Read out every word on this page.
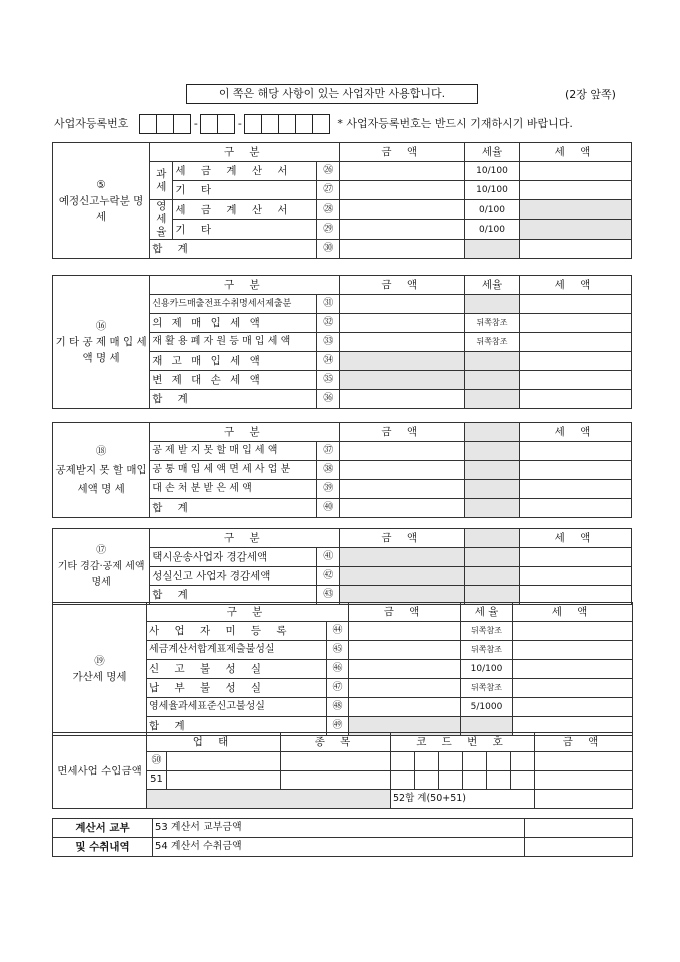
이 쪽은 해당 사항이 있는 사업자만 사용합니다.	(2장 앞쪽)
사업자등록번호	-	-	* 사업자등록번호는 반드시 기재하시기 바랍니다.
⑤
예정신고누락분 명 세	구 분			금 액	세율	세 액
	과세	세 금 계 산 서	㉖		10/100	
		기 타	㉗		10/100	
	영세율	세 금 계 산 서	㉘		0/100	
		기 타	㉙		0/100	
	합 계		㉚			
⑯
기 타 공 제 매 입 세 액 명 세	구 분		금 액	세율	세 액
	신용카드매출전표수취명세서제출분	㉛			
	의 제 매 입 세 액	㉜		뒤쪽참조	
	재 활 용 폐 자 원 등 매 입 세 액	㉝		뒤쪽참조	
	재 고 매 입 세 액	㉞			
	변 제 대 손 세 액	㉟			
	합 계	㊱			
⑱
공제받지 못 할 매입세액 명 세	구 분		금 액		세 액
	공 제 받 지 못 할 매 입 세 액	㊲			
	공 통 매 입 세 액 면 세 사 업 분	㊳			
	대 손 처 분 받 은 세 액	㊴			
	합 계	㊵			
⑰
기타 경감·공제 세액 명세	구 분		금 액		세 액
	택시운송사업자 경감세액	㊶			
	성실신고 사업자 경감세액	㊷			
	합 계	㊸			
⑲
가산세 명세	구 분		금 액	세 율	세 액
	사 업 자 미 등 록	㊹		뒤쪽참조	
	세금계산서합계표제출불성실	㊺		뒤쪽참조	
	신 고 불 성 실	㊻		10/100	
	납 부 불 성 실	㊼		뒤쪽참조	
	영세율과세표준신고불성실	㊽		5/1000	
	합 계	㊾			
면세사업 수입금액	업 태		종 목	코 드 번 호						금 액
	㊿									
	51									
				52합 계(50+51)						
계산서 교부	53 계산서 교부금액	
및 수취내역	54 계산서 수취금액	
